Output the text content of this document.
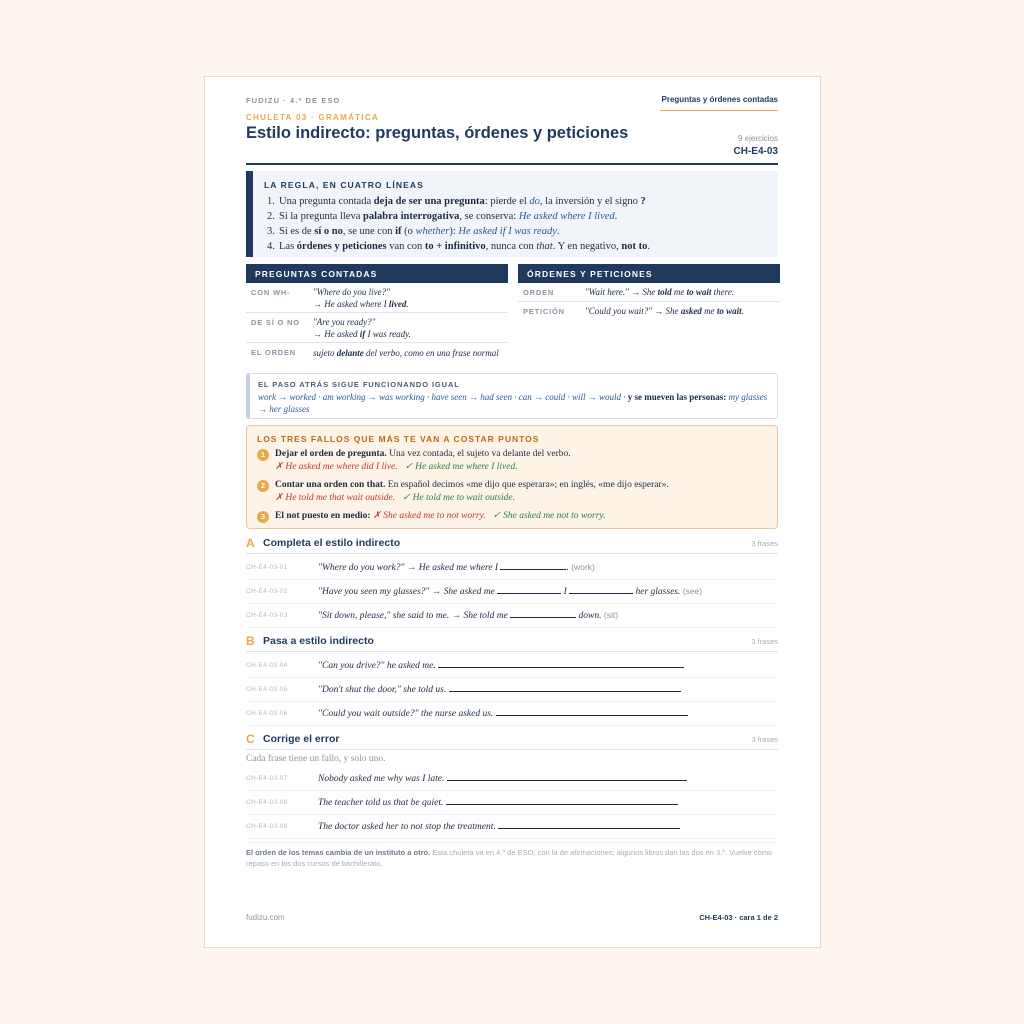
FUDIZU · 4.º DE ESO	Preguntas y órdenes contadas
CHULETA 03 · GRAMÁTICA
Estilo indirecto: preguntas, órdenes y peticiones	9 ejercicios
CH-E4-03
LA REGLA, EN CUATRO LÍNEAS
1. Una pregunta contada deja de ser una pregunta: pierde el do, la inversión y el signo ?
2. Si la pregunta lleva palabra interrogativa, se conserva: He asked where I lived.
3. Si es de sí o no, se une con if (o whether): He asked if I was ready.
4. Las órdenes y peticiones van con to + infinitivo, nunca con that. Y en negativo, not to.
PREGUNTAS CONTADAS
CON WH-	"Where do you live?"
→ He asked where I lived.
DE SÍ O NO "Are you ready?"
→ He asked if I was ready.
EL ORDEN sujeto delante del verbo, como en una frase normal
ÓRDENES Y PETICIONES
ORDEN	"Wait here." → She told me to wait there.
PETICIÓN "Could you wait?" → She asked me to wait.
EL PASO ATRÁS SIGUE FUNCIONANDO IGUAL

work → worked · am working → was working · have seen → had seen · can → could · will → would · y se mueven las personas: my glasses → her glasses

LOS TRES FALLOS QUE MÁS TE VAN A COSTAR PUNTOS
1	Dejar el orden de pregunta. Una vez contada, el sujeto va delante del verbo.
✗ He asked me where did I live. ✓ He asked me where I lived.
2	Contar una orden con that. En español decimos «me dijo que esperara»; en inglés, «me dijo esperar».
✗ He told me that wait outside. ✓ He told me to wait outside.
3	El not puesto en medio: ✗ She asked me to not worry. ✓ She asked me not to worry.
A Completa el estilo indirecto	3 frases
CH-E4-03-01	"Where do you work?" → He asked me where I	. (work)
CH-E4-03-02	"Have you seen my glasses?" → She asked me	I	her glasses. (see)
CH-E4-03-03	"Sit down, please," she said to me. → She told me	down. (sit)
B Pasa a estilo indirecto	3 frases
CH-E4-03-04	"Can you drive?" he asked me.
CH-E4-03-05	"Don't shut the door," she told us.
CH-E4-03-06	"Could you wait outside?" the nurse asked us.
C Corrige el error	3 frases
Cada frase tiene un fallo, y solo uno.
CH-E4-03-07	Nobody asked me why was I late.
CH-E4-03-08	The teacher told us that be quiet.
CH-E4-03-09	The doctor asked her to not stop the treatment.

El orden de los temas cambia de un instituto a otro. Esta chuleta va en 4.º de ESO, con la de afirmaciones; algunos libros dan las dos en 3.º. Vuelve como repaso en los dos cursos de bachillerato.

fudizu.com	CH-E4-03 · cara 1 de 2
